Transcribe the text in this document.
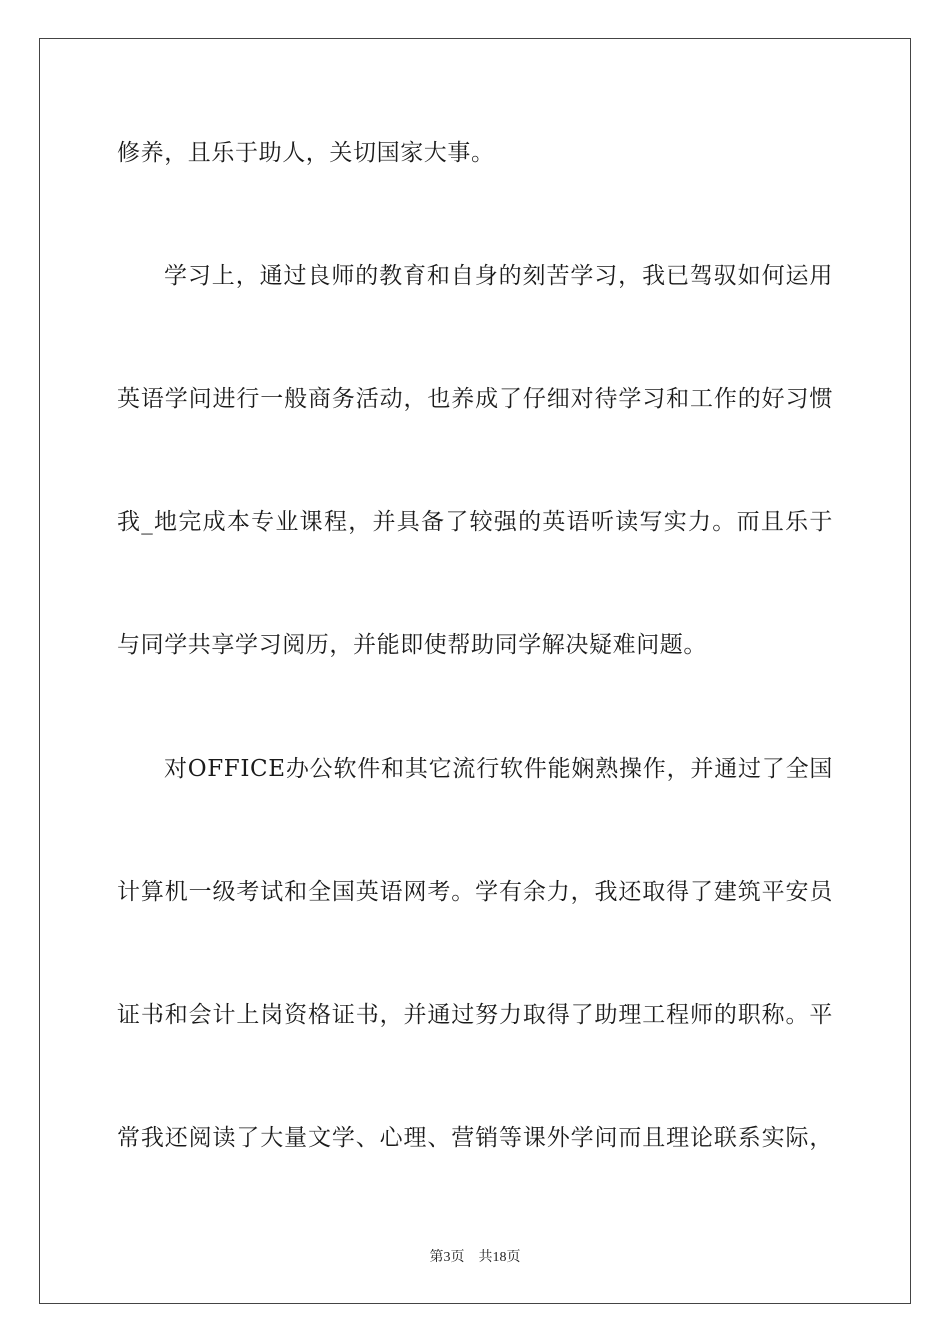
修养，且乐于助人，关切国家大事。
学习上，通过良师的教育和自身的刻苦学习，我已驾驭如何运用
英语学问进行一般商务活动，也养成了仔细对待学习和工作的好习惯
我_地完成本专业课程，并具备了较强的英语听读写实力。而且乐于
与同学共享学习阅历，并能即使帮助同学解决疑难问题。
对OFFICE办公软件和其它流行软件能娴熟操作，并通过了全国
计算机一级考试和全国英语网考。学有余力，我还取得了建筑平安员
证书和会计上岗资格证书，并通过努力取得了助理工程师的职称。平
常我还阅读了大量文学、心理、营销等课外学问而且理论联系实际，
第3页 共18页
